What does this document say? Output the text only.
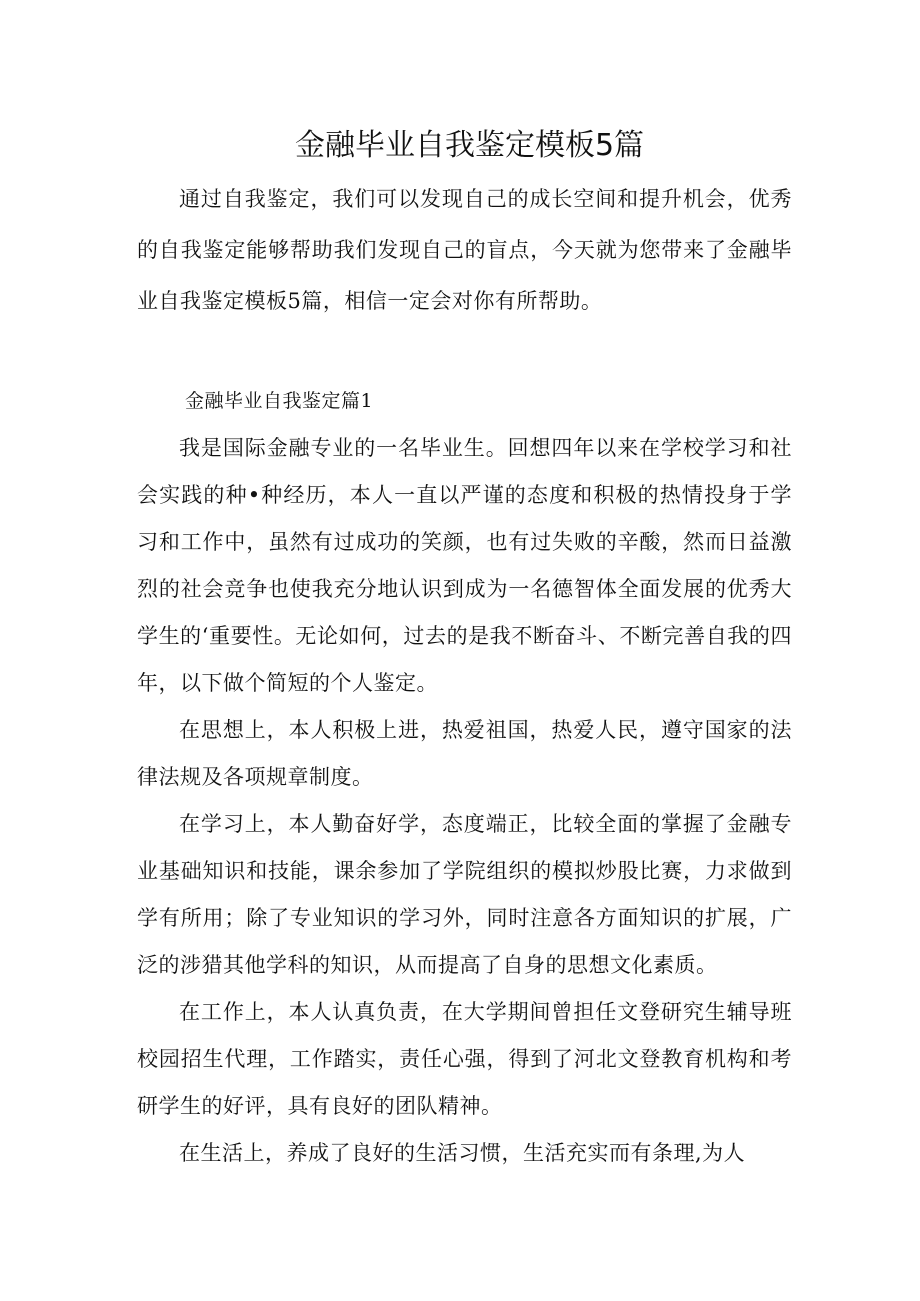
金融毕业自我鉴定模板5篇

通过自我鉴定，我们可以发现自己的成长空间和提升机会，优秀的自我鉴定能够帮助我们发现自己的盲点，今天就为您带来了金融毕业自我鉴定模板5篇，相信一定会对你有所帮助。

金融毕业自我鉴定篇1

我是国际金融专业的一名毕业生。回想四年以来在学校学习和社会实践的种•种经历，本人一直以严谨的态度和积极的热情投身于学习和工作中，虽然有过成功的笑颜，也有过失败的辛酸，然而日益激烈的社会竞争也使我充分地认识到成为一名德智体全面发展的优秀大学生的‘重要性。无论如何，过去的是我不断奋斗、不断完善自我的四年，以下做个简短的个人鉴定。

在思想上，本人积极上进，热爱祖国，热爱人民，遵守国家的法律法规及各项规章制度。

在学习上，本人勤奋好学，态度端正，比较全面的掌握了金融专业基础知识和技能，课余参加了学院组织的模拟炒股比赛，力求做到学有所用；除了专业知识的学习外，同时注意各方面知识的扩展，广泛的涉猎其他学科的知识，从而提高了自身的思想文化素质。

在工作上，本人认真负责，在大学期间曾担任文登研究生辅导班校园招生代理，工作踏实，责任心强，得到了河北文登教育机构和考研学生的好评，具有良好的团队精神。

在生活上，养成了良好的生活习惯，生活充实而有条理,为人
